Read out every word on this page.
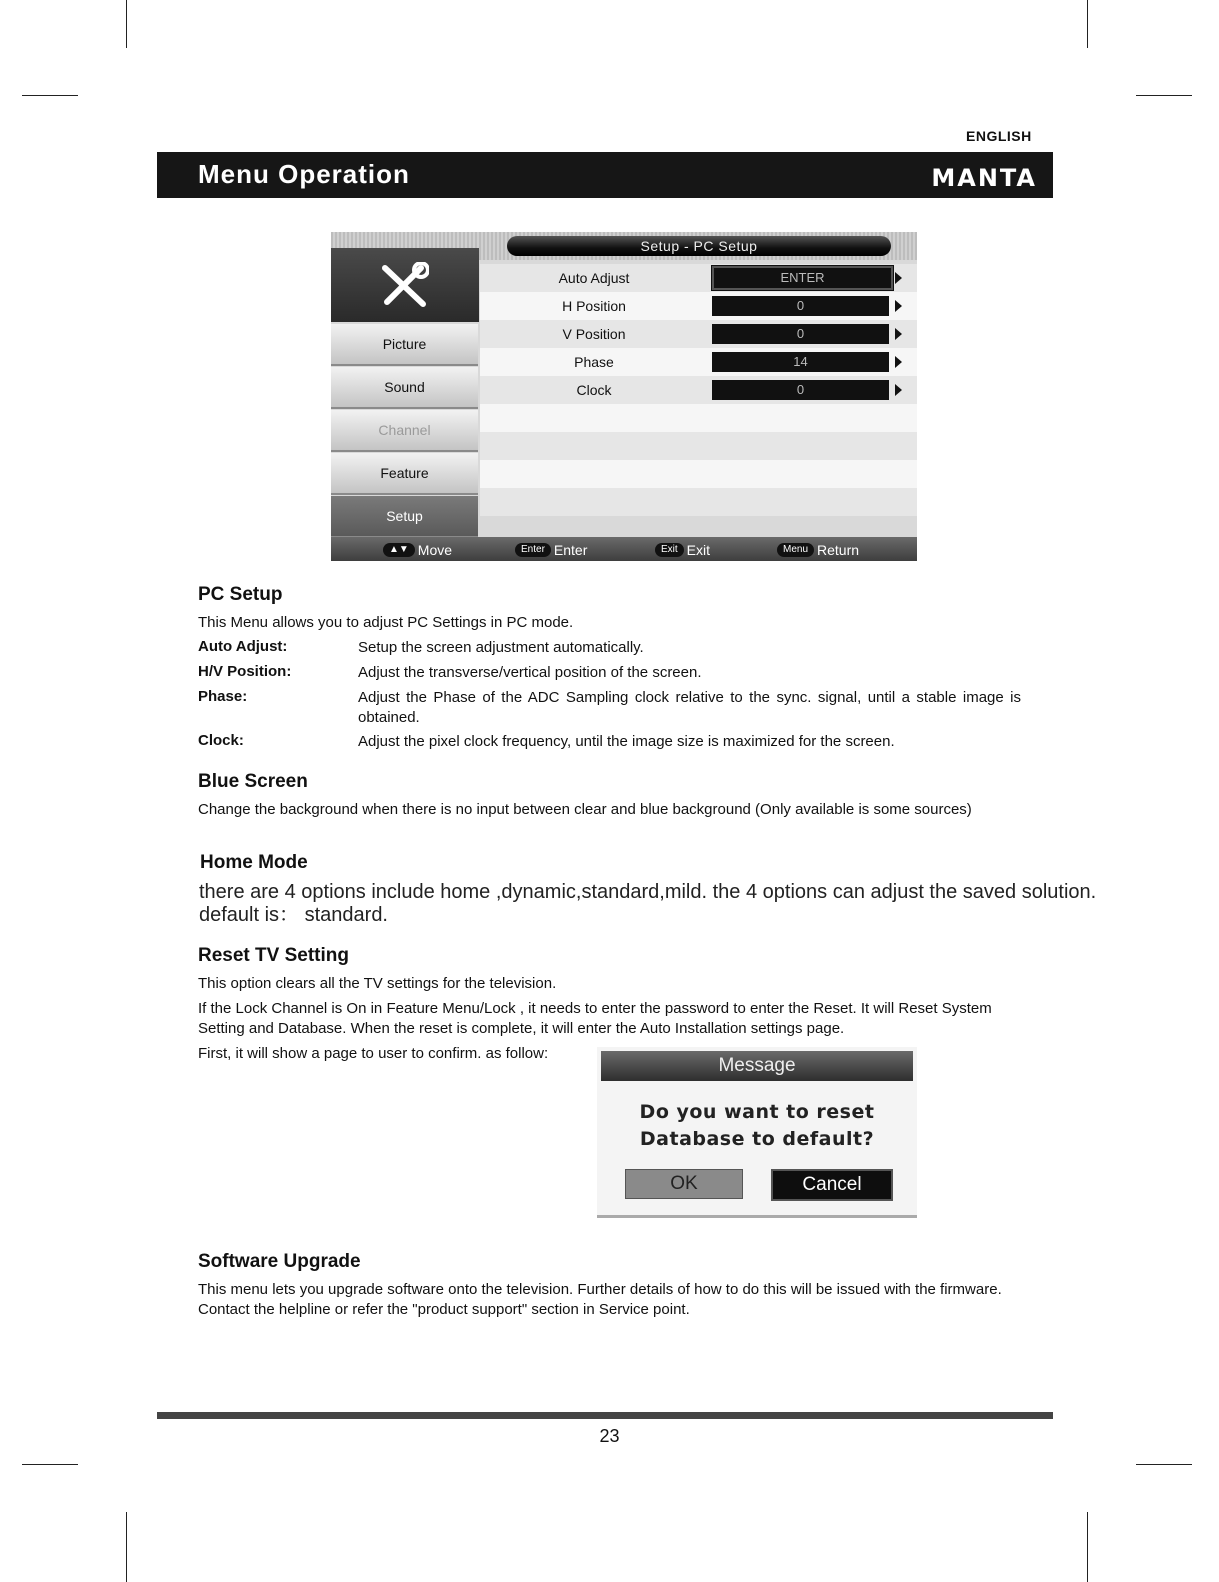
ENGLISH
Menu Operation	MANTA
Setup - PC Setup
Picture
Sound
Channel
Feature
Setup
Auto Adjust	ENTER
H Position	0
V Position	0
Phase	14
Clock	0
▲▼ Move	Enter Enter	Exit Exit	Menu Return
PC Setup
This Menu allows you to adjust PC Settings in PC mode.
Auto Adjust:	Setup the screen adjustment automatically.
H/V Position:	Adjust the transverse/vertical position of the screen.
Phase:	Adjust the Phase of the ADC Sampling clock relative to the sync. signal, until a stable image is obtained.
Clock:	Adjust the pixel clock frequency, until the image size is maximized for the screen.
Blue Screen
Change the background when there is no input between clear and blue background (Only available is some sources)
Home Mode
there are 4 options include home ,dynamic,standard,mild. the 4 options can adjust the saved solution.
default is： standard.
Reset TV Setting
This option clears all the TV settings for the television.
If the Lock Channel is On in Feature Menu/Lock , it needs to enter the password to enter the Reset. It will Reset System Setting and Database. When the reset is complete, it will enter the Auto Installation settings page.
First, it will show a page to user to confirm. as follow:
Message
Do you want to reset
Database to default?
OK	Cancel
Software Upgrade
This menu lets you upgrade software onto the television. Further details of how to do this will be issued with the firmware. Contact the helpline or refer the "product support" section in Service point.
23
